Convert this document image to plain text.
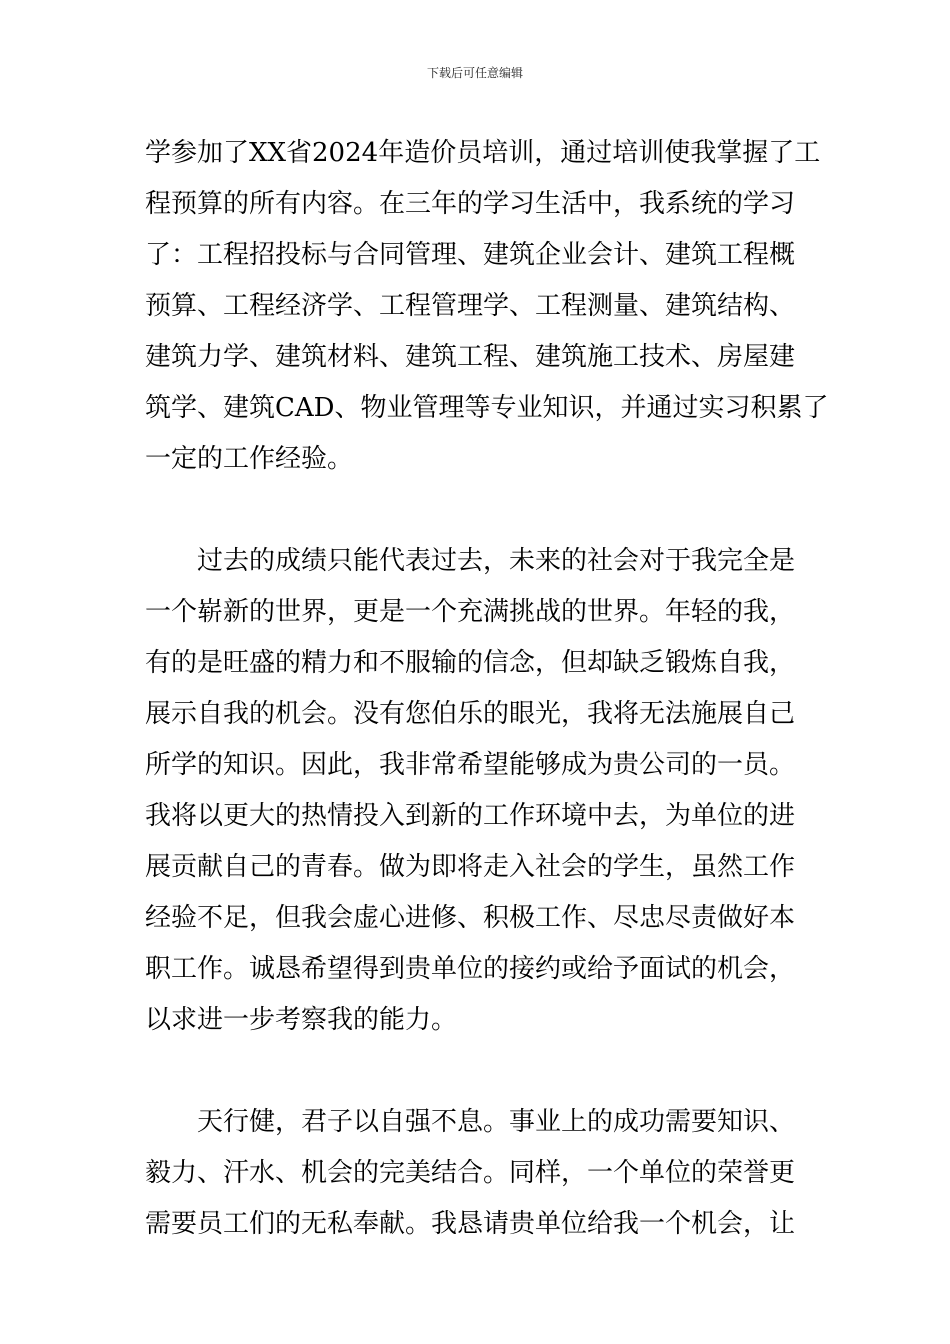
下载后可任意编辑
学参加了XX省2024年造价员培训，通过培训使我掌握了工
程预算的所有内容。在三年的学习生活中，我系统的学习
了：工程招投标与合同管理、建筑企业会计、建筑工程概
预算、工程经济学、工程管理学、工程测量、建筑结构、
建筑力学、建筑材料、建筑工程、建筑施工技术、房屋建
筑学、建筑CAD、物业管理等专业知识，并通过实习积累了
一定的工作经验。
过去的成绩只能代表过去，未来的社会对于我完全是
一个崭新的世界，更是一个充满挑战的世界。年轻的我，
有的是旺盛的精力和不服输的信念，但却缺乏锻炼自我，
展示自我的机会。没有您伯乐的眼光，我将无法施展自己
所学的知识。因此，我非常希望能够成为贵公司的一员。
我将以更大的热情投入到新的工作环境中去，为单位的进
展贡献自己的青春。做为即将走入社会的学生，虽然工作
经验不足，但我会虚心进修、积极工作、尽忠尽责做好本
职工作。诚恳希望得到贵单位的接约或给予面试的机会，
以求进一步考察我的能力。
天行健，君子以自强不息。事业上的成功需要知识、
毅力、汗水、机会的完美结合。同样，一个单位的荣誉更
需要员工们的无私奉献。我恳请贵单位给我一个机会，让
